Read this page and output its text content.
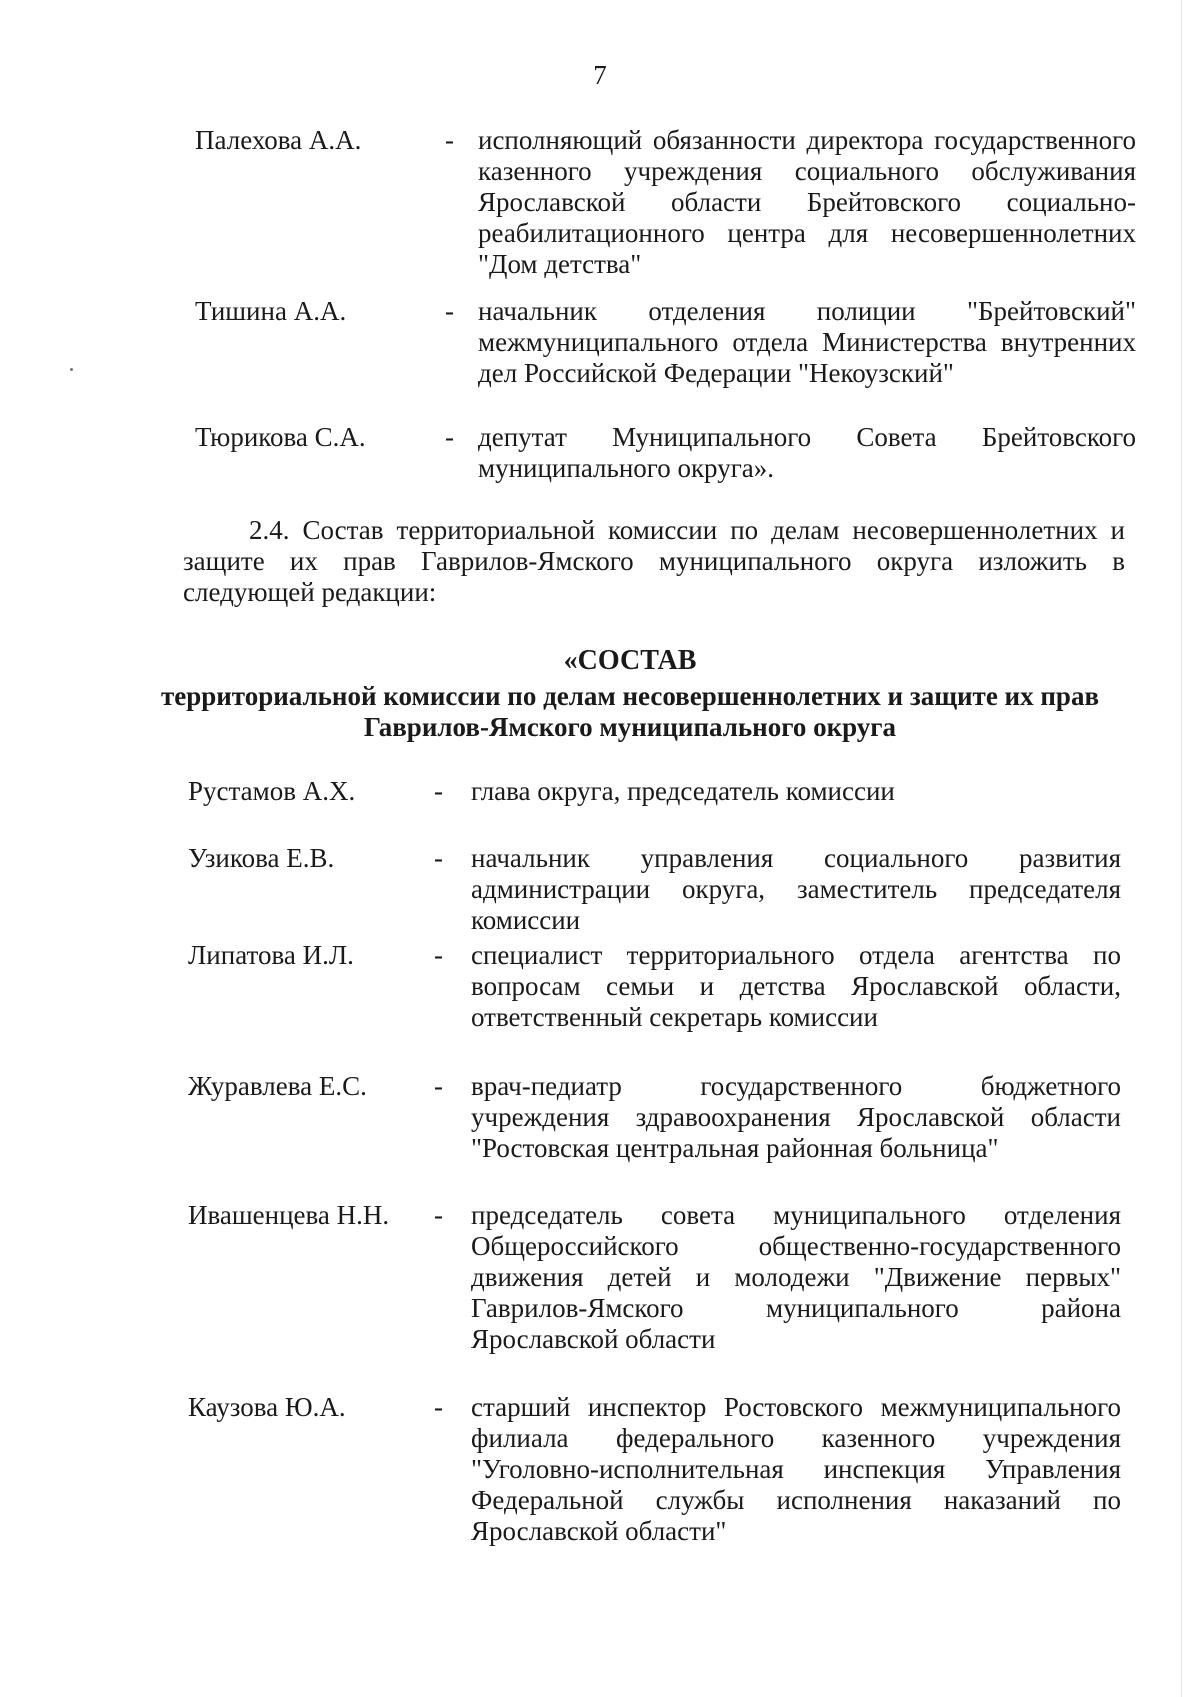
7
Палехова А.А.	- исполняющий обязанности директора государственного казенного учреждения социального обслуживания Ярославской области Брейтовского социально-реабилитационного центра для несовершеннолетних "Дом детства"
Тишина А.А.	- начальник отделения полиции "Брейтовский" межмуниципального отдела Министерства внутренних дел Российской Федерации "Некоузский"
Тюрикова С.А.	- депутат Муниципального Совета Брейтовского муниципального округа».
2.4. Состав территориальной комиссии по делам несовершеннолетних и защите их прав Гаврилов-Ямского муниципального округа изложить в следующей редакции:
«СОСТАВ
территориальной комиссии по делам несовершеннолетних и защите их прав Гаврилов-Ямского муниципального округа
Рустамов А.Х.	- глава округа, председатель комиссии
Узикова Е.В.	- начальник управления социального развития администрации округа, заместитель председателя комиссии
Липатова И.Л.	- специалист территориального отдела агентства по вопросам семьи и детства Ярославской области, ответственный секретарь комиссии
Журавлева Е.С. - врач-педиатр государственного бюджетного учреждения здравоохранения Ярославской области "Ростовская центральная районная больница"
Ивашенцева Н.Н. - председатель совета муниципального отделения Общероссийского общественно-государственного движения детей и молодежи "Движение первых" Гаврилов-Ямского муниципального района Ярославской области
Каузова Ю.А.	- старший инспектор Ростовского межмуниципального филиала федерального казенного учреждения "Уголовно-исполнительная инспекция Управления Федеральной службы исполнения наказаний по Ярославской области"
